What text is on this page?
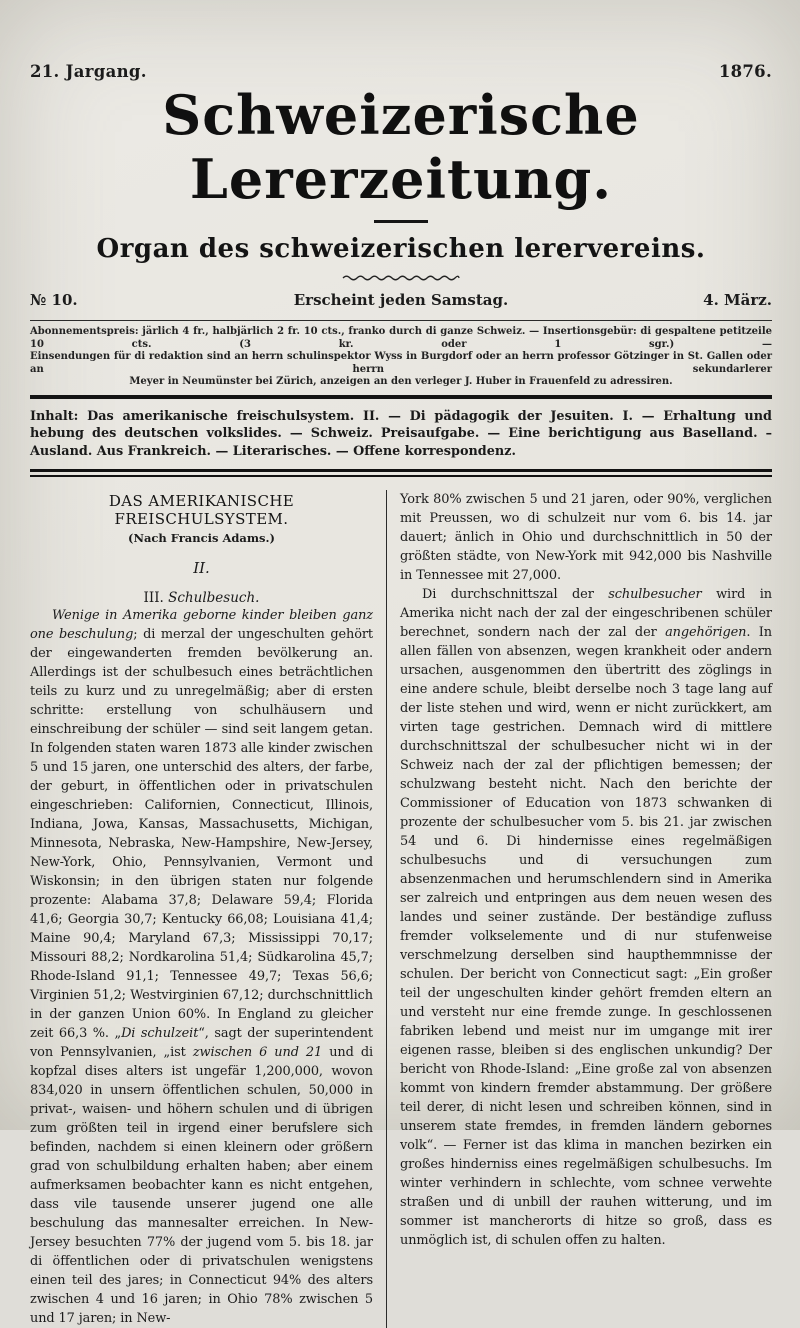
21. Jargang.	1876.
Schweizerische Lererzeitung.
Organ des schweizerischen lerervereins.
№ 10.	Erscheint jeden Samstag.	4. März.
Abonnementspreis: järlich 4 fr., halbjärlich 2 fr. 10 cts., franko durch di ganze Schweiz. — Insertionsgebür: di gespaltene petitzeile 10 cts. (3 kr. oder 1 sgr.) —
Einsendungen für di redaktion sind an herrn schulinspektor Wyss in Burgdorf oder an herrn professor Götzinger in St. Gallen oder an herrn sekundarlerer
Meyer in Neumünster bei Zürich, anzeigen an den verleger J. Huber in Frauenfeld zu adressiren.
Inhalt: Das amerikanische freischulsystem. II. — Di pädagogik der Jesuiten. I. — Erhaltung und hebung des deutschen volkslides. — Schweiz. Preisaufgabe. — Eine berichtigung aus Baselland. – Ausland. Aus Frankreich. — Literarisches. — Offene korrespondenz.
DAS AMERIKANISCHE FREISCHULSYSTEM.
(Nach Francis Adams.)
II.
III. Schulbesuch.

Wenige in Amerika geborne kinder bleiben ganz one beschulung; di merzal der ungeschulten gehört der eingewanderten fremden bevölkerung an. Allerdings ist der schulbesuch eines beträchtlichen teils zu kurz und zu unregelmäßig; aber di ersten schritte: erstellung von schulhäusern und einschreibung der schüler — sind seit langem getan. In folgenden staten waren 1873 alle kinder zwischen 5 und 15 jaren, one unterschid des alters, der farbe, der geburt, in öffentlichen oder in privatschulen eingeschrieben: Californien, Connecticut, Illinois, Indiana, Jowa, Kansas, Massachusetts, Michigan, Minnesota, Nebraska, New-Hampshire, New-Jersey, New-York, Ohio, Pennsylvanien, Vermont und Wiskonsin; in den übrigen staten nur folgende prozente: Alabama 37,8; Delaware 59,4; Florida 41,6; Georgia 30,7; Kentucky 66,08; Louisiana 41,4; Maine 90,4; Maryland 67,3; Mississippi 70,17; Missouri 88,2; Nordkarolina 51,4; Südkarolina 45,7; Rhode-Island 91,1; Tennessee 49,7; Texas 56,6; Virginien 51,2; Westvirginien 67,12; durchschnittlich in der ganzen Union 60%. In England zu gleicher zeit 66,3 %. „Di schulzeit“, sagt der superintendent von Pennsylvanien, „ist zwischen 6 und 21 und di kopfzal dises alters ist ungefär 1,200,000, wovon 834,020 in unsern öffentlichen schulen, 50,000 in privat-, waisen- und höhern schulen und di übrigen zum größten teil in irgend einer berufslere sich befinden, nachdem si einen kleinern oder größern grad von schulbildung erhalten haben; aber einem aufmerksamen beobachter kann es nicht entgehen, dass vile tausende unserer jugend one alle beschulung das mannesalter erreichen. In New-Jersey besuchten 77% der jugend vom 5. bis 18. jar di öffentlichen oder di privatschulen wenigstens einen teil des jares; in Connecticut 94% des alters zwischen 4 und 16 jaren; in Ohio 78% zwischen 5 und 17 jaren; in New-

York 80% zwischen 5 und 21 jaren, oder 90%, verglichen mit Preussen, wo di schulzeit nur vom 6. bis 14. jar dauert; änlich in Ohio und durchschnittlich in 50 der größten städte, von New-York mit 942,000 bis Nashville in Tennessee mit 27,000.

Di durchschnittszal der schulbesucher wird in Amerika nicht nach der zal der eingeschribenen schüler berechnet, sondern nach der zal der angehörigen. In allen fällen von absenzen, wegen krankheit oder andern ursachen, ausgenommen den übertritt des zöglings in eine andere schule, bleibt derselbe noch 3 tage lang auf der liste stehen und wird, wenn er nicht zurückkert, am virten tage gestrichen. Demnach wird di mittlere durchschnittszal der schulbesucher nicht wi in der Schweiz nach der zal der pflichtigen bemessen; der schulzwang besteht nicht. Nach den berichte der Commissioner of Education von 1873 schwanken di prozente der schulbesucher vom 5. bis 21. jar zwischen 54 und 6. Di hindernisse eines regelmäßigen schulbesuchs und di versuchungen zum absenzenmachen und herumschlendern sind in Amerika ser zalreich und entpringen aus dem neuen wesen des landes und seiner zustände. Der beständige zufluss fremder volkselemente und di nur stufenweise verschmelzung derselben sind haupthemmnisse der schulen. Der bericht von Connecticut sagt: „Ein großer teil der ungeschulten kinder gehört fremden eltern an und versteht nur eine fremde zunge. In geschlossenen fabriken lebend und meist nur im umgange mit irer eigenen rasse, bleiben si des englischen unkundig? Der bericht von Rhode-Island: „Eine große zal von absenzen kommt von kindern fremder abstammung. Der größere teil derer, di nicht lesen und schreiben können, sind in unserem state fremdes, in fremden ländern gebornes volk“. — Ferner ist das klima in manchen bezirken ein großes hinderniss eines regelmäßigen schulbesuchs. Im winter verhindern in schlechte, vom schnee verwehte straßen und di unbill der rauhen witterung, und im sommer ist mancherorts di hitze so groß, dass es unmöglich ist, di schulen offen zu halten.
